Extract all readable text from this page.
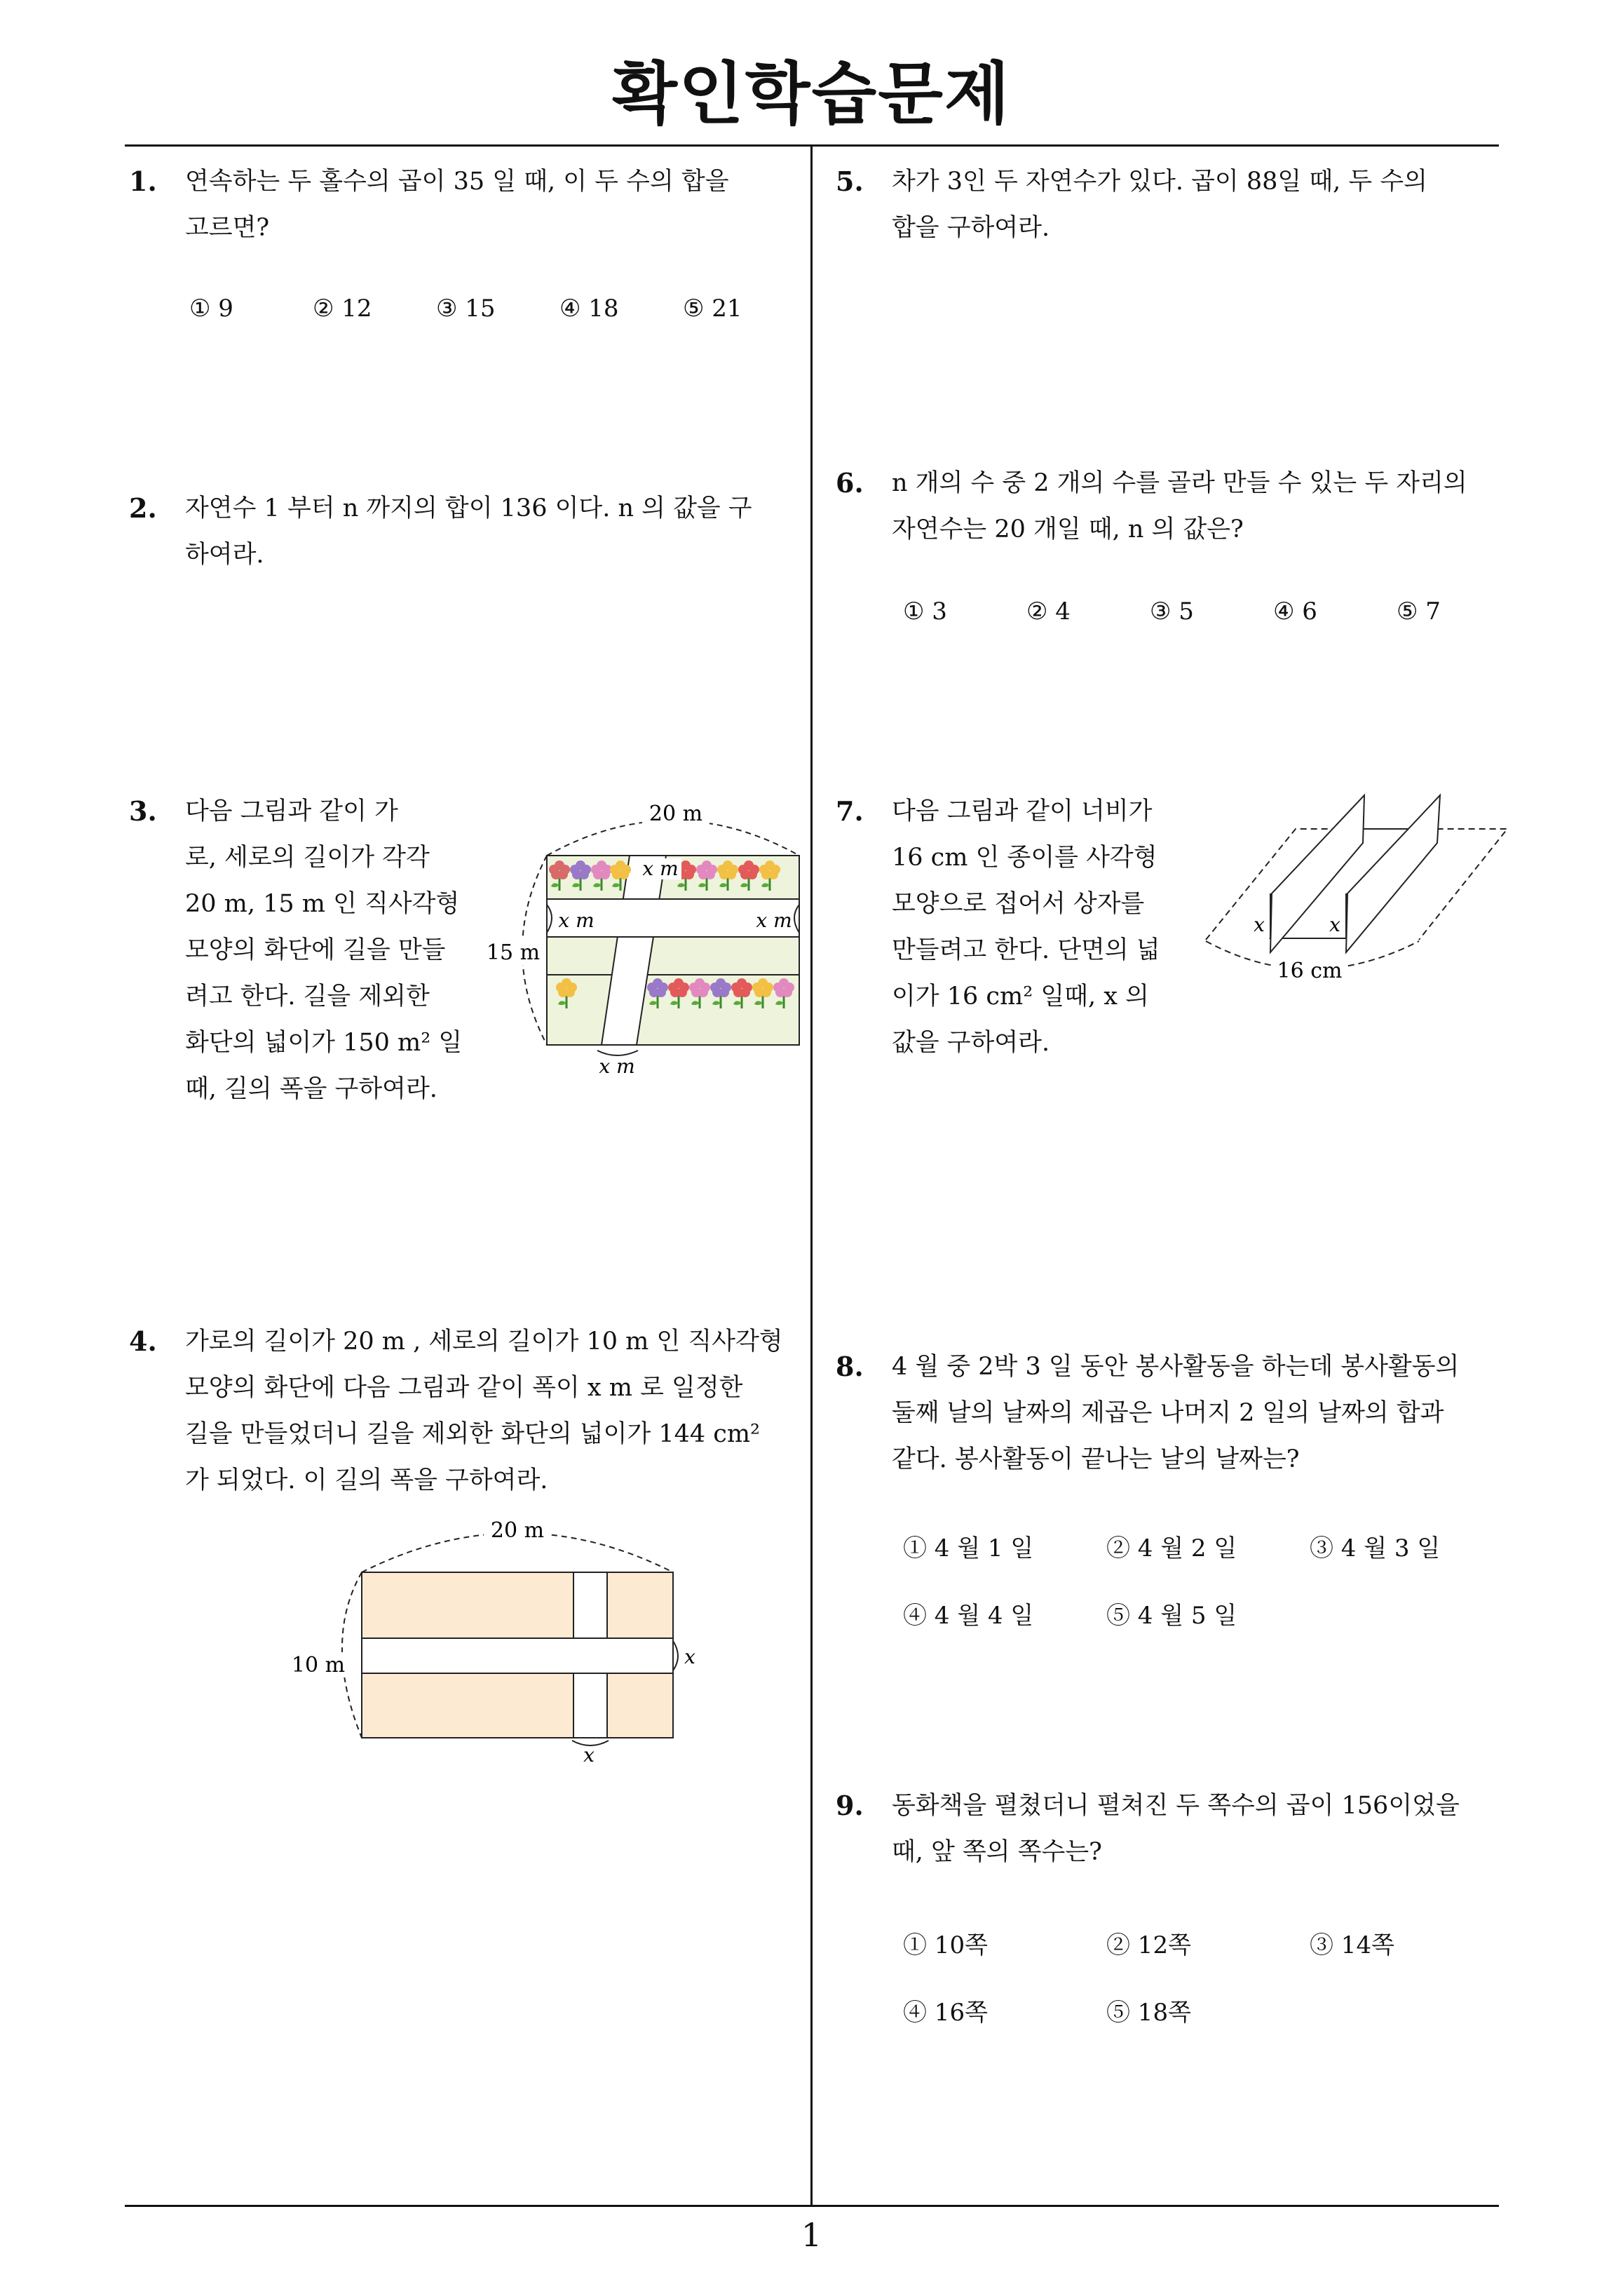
확인학습문제
1
1. 연속하는 두 홀수의 곱이 35 일 때, 이 두 수의 합을
고르면?
① 9	② 12	③ 15	④ 18	⑤ 21
2. 자연수 1 부터 n 까지의 합이 136 이다. n 의 값을 구
하여라.
3. 다음 그림과 같이 가
로, 세로의 길이가 각각
20 m, 15 m 인 직사각형
모양의 화단에 길을 만들
려고 한다. 길을 제외한
화단의 넓이가 150 m² 일
때, 길의 폭을 구하여라.
20 m
15 m
x m
x m	x m
x m
4. 가로의 길이가 20 m , 세로의 길이가 10 m 인 직사각형
모양의 화단에 다음 그림과 같이 폭이 x m 로 일정한
길을 만들었더니 길을 제외한 화단의 넓이가 144 cm²
가 되었다. 이 길의 폭을 구하여라.
20 m
10 m	x
x
5. 차가 3인 두 자연수가 있다. 곱이 88일 때, 두 수의
합을 구하여라.
6. n 개의 수 중 2 개의 수를 골라 만들 수 있는 두 자리의
자연수는 20 개일 때, n 의 값은?
① 3	② 4	③ 5	④ 6	⑤ 7
7. 다음 그림과 같이 너비가
16 cm 인 종이를 사각형
모양으로 접어서 상자를
만들려고 한다. 단면의 넓
이가 16 cm² 일때, x 의
값을 구하여라.
16 cm
x	x
8. 4 월 중 2박 3 일 동안 봉사활동을 하는데 봉사활동의
둘째 날의 날짜의 제곱은 나머지 2 일의 날짜의 합과
같다. 봉사활동이 끝나는 날의 날짜는?
① 4 월 1 일	② 4 월 2 일	③ 4 월 3 일
④ 4 월 4 일	⑤ 4 월 5 일
9. 동화책을 펼쳤더니 펼쳐진 두 쪽수의 곱이 156이었을
때, 앞 쪽의 쪽수는?
① 10쪽	② 12쪽	③ 14쪽
④ 16쪽	⑤ 18쪽
